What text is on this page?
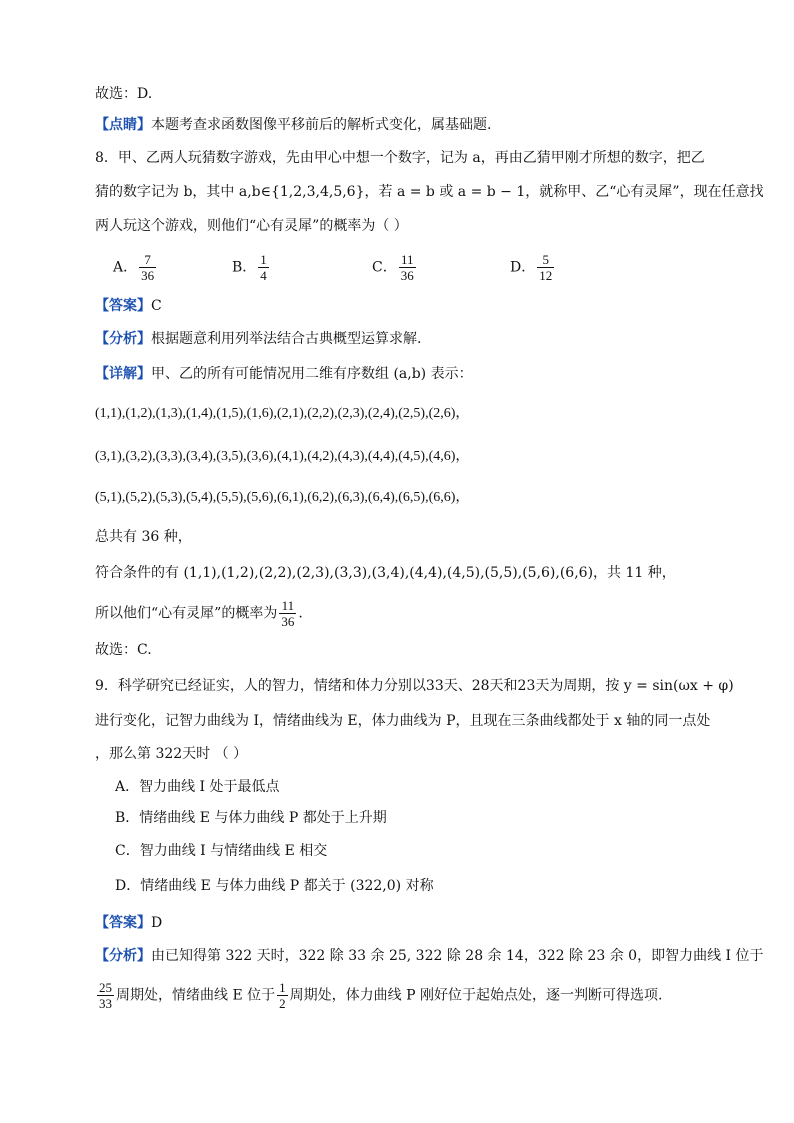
故选：D.
【点睛】本题考查求函数图像平移前后的解析式变化，属基础题.
8．甲、乙两人玩猜数字游戏，先由甲心中想一个数字，记为 a，再由乙猜甲刚才所想的数字，把乙
猜的数字记为 b，其中 a,b∈{1,2,3,4,5,6}，若 a = b 或 a = b − 1，就称甲、乙“心有灵犀”，现在任意找
两人玩这个游戏，则他们“心有灵犀”的概率为（ ）
A． $\frac{7}{36}$	B． $\frac{1}{4}$	C． $\frac{11}{36}$	D． $\frac{5}{12}$
【答案】C
【分析】根据题意利用列举法结合古典概型运算求解.
【详解】甲、乙的所有可能情况用二维有序数组 (a,b) 表示：
(1,1),(1,2),(1,3),(1,4),(1,5),(1,6),(2,1),(2,2),(2,3),(2,4),(2,5),(2,6)，
(3,1),(3,2),(3,3),(3,4),(3,5),(3,6),(4,1),(4,2),(4,3),(4,4),(4,5),(4,6)，
(5,1),(5,2),(5,3),(5,4),(5,5),(5,6),(6,1),(6,2),(6,3),(6,4),(6,5),(6,6)，
总共有 36 种，
符合条件的有 (1,1),(1,2),(2,2),(2,3),(3,3),(3,4),(4,4),(4,5),(5,5),(5,6),(6,6)，共 11 种，
所以他们“心有灵犀”的概率为 $\frac{11}{36}$ .
故选：C.
9．科学研究已经证实，人的智力，情绪和体力分别以33天、28天和23天为周期，按 y = sin(ωx + φ)
进行变化，记智力曲线为 I，情绪曲线为 E，体力曲线为 P，且现在三条曲线都处于 x 轴的同一点处
，那么第 322天时 （ ）
A．智力曲线 I 处于最低点
B．情绪曲线 E 与体力曲线 P 都处于上升期
C．智力曲线 I 与情绪曲线 E 相交
D．情绪曲线 E 与体力曲线 P 都关于 (322,0) 对称
【答案】D
【分析】由已知得第 322 天时，322 除 33 余 25, 322 除 28 余 14，322 除 23 余 0，即智力曲线 I 位于
$\frac{25}{33}$ 周期处，情绪曲线 E 位于 $\frac{1}{2}$ 周期处，体力曲线 P 刚好位于起始点处，逐一判断可得选项.
